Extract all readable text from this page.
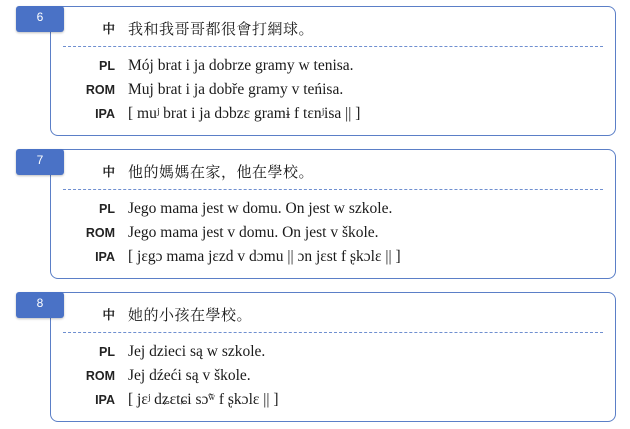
中 我和我哥哥都很會打網球。
PL Mój brat i ja dobrze gramy w tenisa.
ROM Muj brat i ja dobře gramy v teńisa.
IPA [ muʲ brat i ja dɔbzɛ gramɨ f tɛnʲisa || ]
6
中 他的媽媽在家，他在學校。
PL Jego mama jest w domu. On jest w szkole.
ROM Jego mama jest v domu. On jest v škole.
IPA [ jɛgɔ mama jɛzd v dɔmu || ɔn jɛst f ʂkɔlɛ || ]
7
中 她的小孩在學校。
PL Jej dzieci są w szkole.
ROM Jej dźeći są v škole.
IPA [ jɛʲ dʑɛtɕi sɔ̃ʷ f ʂkɔlɛ || ]
8
